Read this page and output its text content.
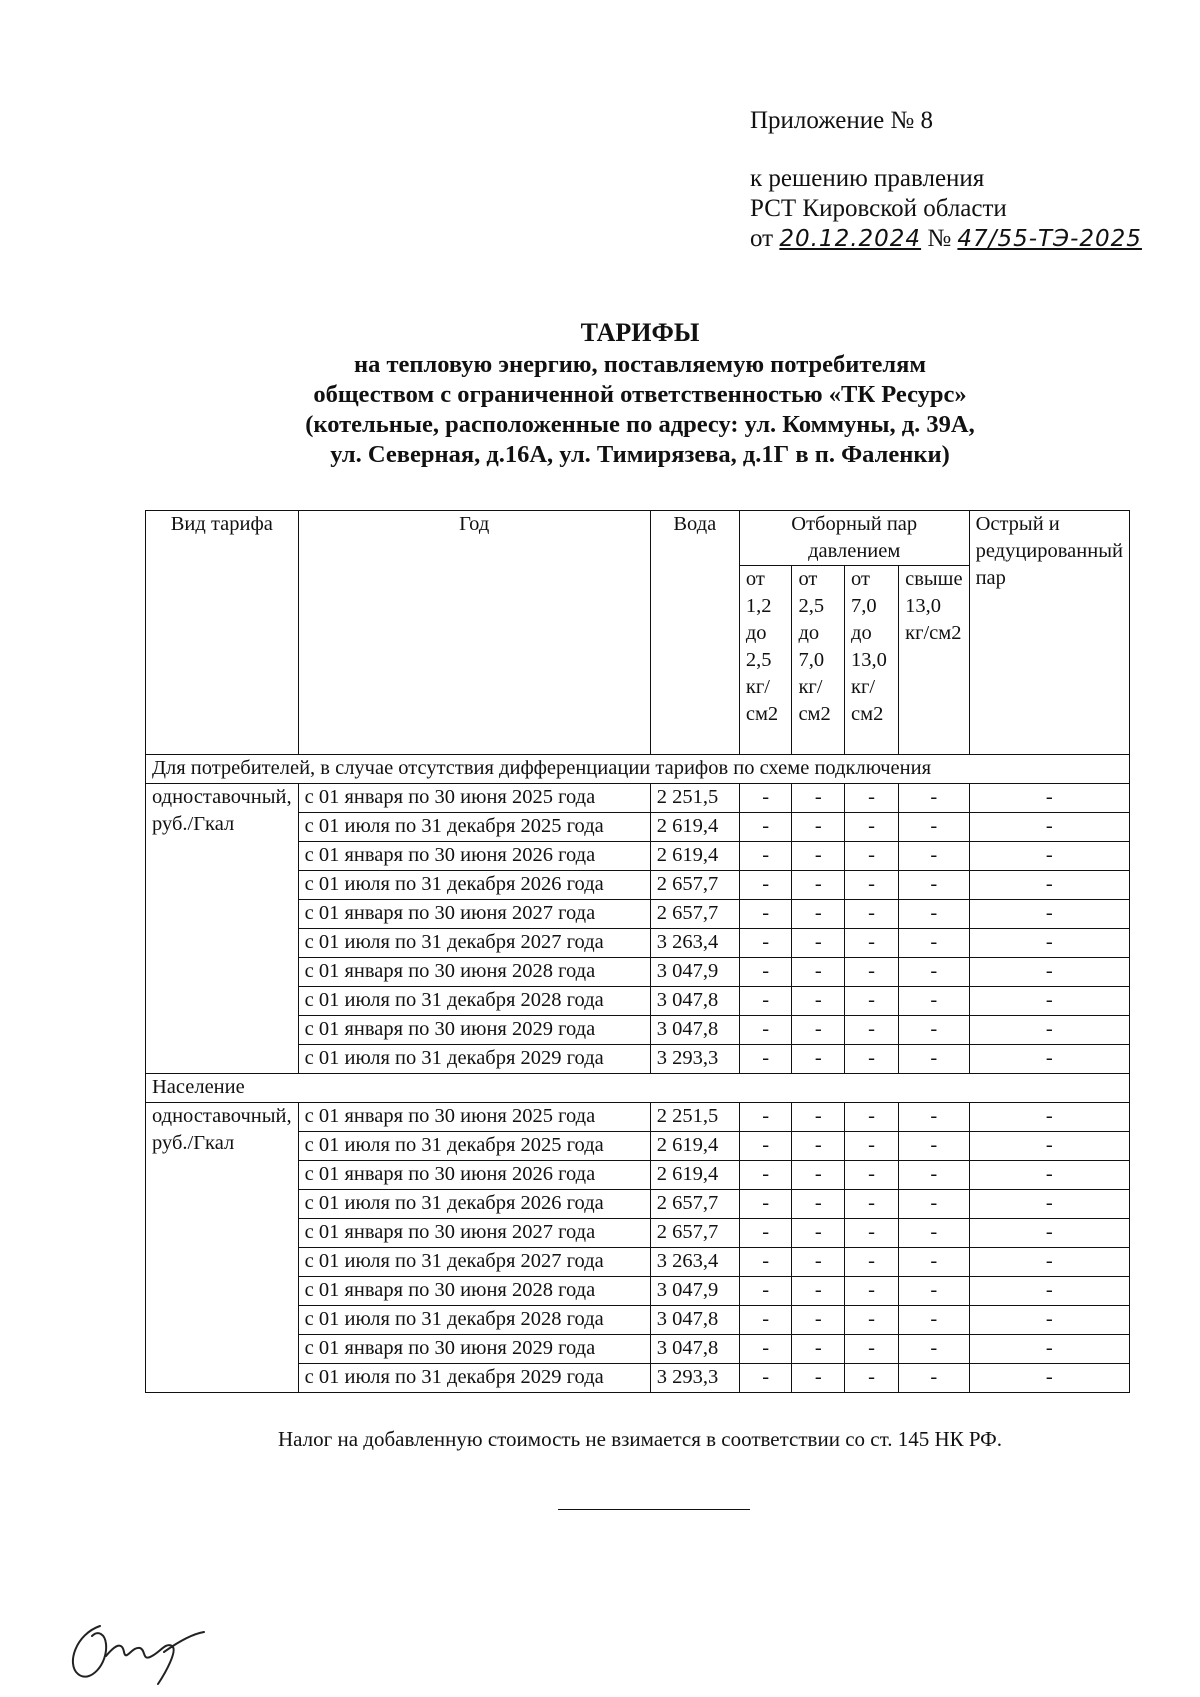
Приложение № 8
к решению правления
РСТ Кировской области
от 20.12.2024 № 47/55-ТЭ-2025
ТАРИФЫ
на тепловую энергию, поставляемую потребителям
обществом с ограниченной ответственностью «ТК Ресурс»
(котельные, расположенные по адресу: ул. Коммуны, д. 39А,
ул. Северная, д.16А, ул. Тимирязева, д.1Г в п. Фаленки)
Вид тарифа	Год	Вода	Отборный пар давлением				Острый и редуцированный пар
			от 1,2 до 2,5 кг/см2	от 2,5 до 7,0 кг/см2	от 7,0 до 13,0 кг/см2	свыше 13,0 кг/см2	
Для потребителей, в случае отсутствия дифференциации тарифов по схеме подключения							
одноставочный, руб./Гкал	с 01 января по 30 июня 2025 года	2 251,5	-	-	-	-	-
	с 01 июля по 31 декабря 2025 года	2 619,4	-	-	-	-	-
	с 01 января по 30 июня 2026 года	2 619,4	-	-	-	-	-
	с 01 июля по 31 декабря 2026 года	2 657,7	-	-	-	-	-
	с 01 января по 30 июня 2027 года	2 657,7	-	-	-	-	-
	с 01 июля по 31 декабря 2027 года	3 263,4	-	-	-	-	-
	с 01 января по 30 июня 2028 года	3 047,9	-	-	-	-	-
	с 01 июля по 31 декабря 2028 года	3 047,8	-	-	-	-	-
	с 01 января по 30 июня 2029 года	3 047,8	-	-	-	-	-
	с 01 июля по 31 декабря 2029 года	3 293,3	-	-	-	-	-
Население							
одноставочный, руб./Гкал	с 01 января по 30 июня 2025 года	2 251,5	-	-	-	-	-
	с 01 июля по 31 декабря 2025 года	2 619,4	-	-	-	-	-
	с 01 января по 30 июня 2026 года	2 619,4	-	-	-	-	-
	с 01 июля по 31 декабря 2026 года	2 657,7	-	-	-	-	-
	с 01 января по 30 июня 2027 года	2 657,7	-	-	-	-	-
	с 01 июля по 31 декабря 2027 года	3 263,4	-	-	-	-	-
	с 01 января по 30 июня 2028 года	3 047,9	-	-	-	-	-
	с 01 июля по 31 декабря 2028 года	3 047,8	-	-	-	-	-
	с 01 января по 30 июня 2029 года	3 047,8	-	-	-	-	-
	с 01 июля по 31 декабря 2029 года	3 293,3	-	-	-	-	-
Налог на добавленную стоимость не взимается в соответствии со ст. 145 НК РФ.
